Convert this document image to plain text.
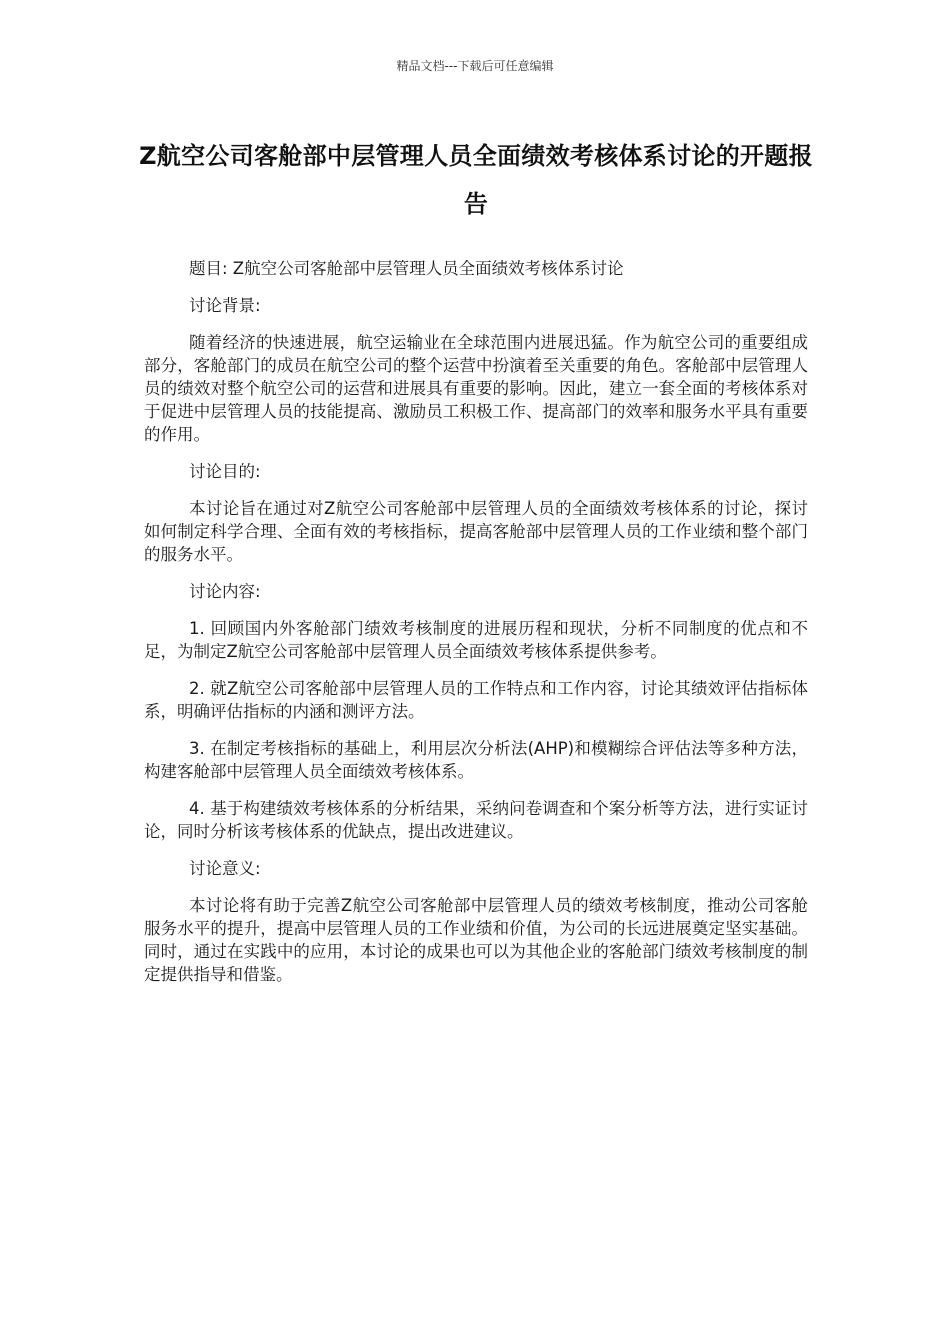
精品文档---下载后可任意编辑
Z航空公司客舱部中层管理人员全面绩效考核体系讨论的开题报告

题目: Z航空公司客舱部中层管理人员全面绩效考核体系讨论

讨论背景:

随着经济的快速进展，航空运输业在全球范围内进展迅猛。作为航空公司的重要组成部分，客舱部门的成员在航空公司的整个运营中扮演着至关重要的角色。客舱部中层管理人员的绩效对整个航空公司的运营和进展具有重要的影响。因此，建立一套全面的考核体系对于促进中层管理人员的技能提高、激励员工积极工作、提高部门的效率和服务水平具有重要的作用。

讨论目的:

本讨论旨在通过对Z航空公司客舱部中层管理人员的全面绩效考核体系的讨论，探讨如何制定科学合理、全面有效的考核指标，提高客舱部中层管理人员的工作业绩和整个部门的服务水平。

讨论内容:

1. 回顾国内外客舱部门绩效考核制度的进展历程和现状，分析不同制度的优点和不足，为制定Z航空公司客舱部中层管理人员全面绩效考核体系提供参考。

2. 就Z航空公司客舱部中层管理人员的工作特点和工作内容，讨论其绩效评估指标体系，明确评估指标的内涵和测评方法。

3. 在制定考核指标的基础上，利用层次分析法(AHP)和模糊综合评估法等多种方法，构建客舱部中层管理人员全面绩效考核体系。

4. 基于构建绩效考核体系的分析结果，采纳问卷调查和个案分析等方法，进行实证讨论，同时分析该考核体系的优缺点，提出改进建议。

讨论意义:

本讨论将有助于完善Z航空公司客舱部中层管理人员的绩效考核制度，推动公司客舱服务水平的提升，提高中层管理人员的工作业绩和价值，为公司的长远进展奠定坚实基础。同时，通过在实践中的应用，本讨论的成果也可以为其他企业的客舱部门绩效考核制度的制定提供指导和借鉴。
